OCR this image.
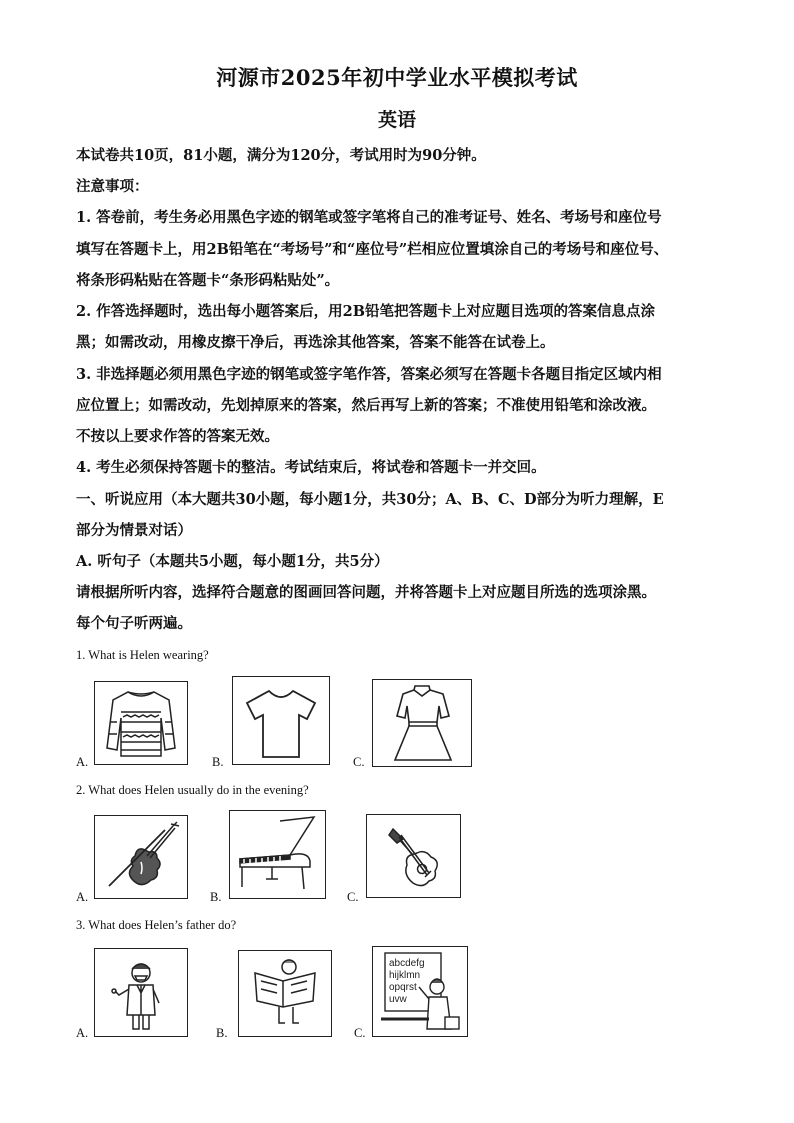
河源市2025年初中学业水平模拟考试
英语
本试卷共10页，81小题，满分为120分，考试用时为90分钟。
注意事项：
1. 答卷前，考生务必用黑色字迹的钢笔或签字笔将自己的准考证号、姓名、考场号和座位号
填写在答题卡上，用2B铅笔在“考场号”和“座位号”栏相应位置填涂自己的考场号和座位号、
将条形码粘贴在答题卡“条形码粘贴处”。
2. 作答选择题时，选出每小题答案后，用2B铅笔把答题卡上对应题目选项的答案信息点涂
黑；如需改动，用橡皮擦干净后，再选涂其他答案，答案不能答在试卷上。
3. 非选择题必须用黑色字迹的钢笔或签字笔作答，答案必须写在答题卡各题目指定区域内相
应位置上；如需改动，先划掉原来的答案，然后再写上新的答案；不准使用铅笔和涂改液。
不按以上要求作答的答案无效。
4. 考生必须保持答题卡的整洁。考试结束后，将试卷和答题卡一并交回。
一、听说应用（本大题共30小题，每小题1分，共30分；A、B、C、D部分为听力理解，E
部分为情景对话）
A. 听句子（本题共5小题，每小题1分，共5分）
请根据所听内容，选择符合题意的图画回答问题，并将答题卡上对应题目所选的选项涂黑。
每个句子听两遍。
1. What is Helen wearing?
A.	B.	C.
2. What does Helen usually do in the evening?
A.	B.	C.
3. What does Helen’s father do?
A.	B.	C.
abcdefg
hijklmn
opqrst
uvw
